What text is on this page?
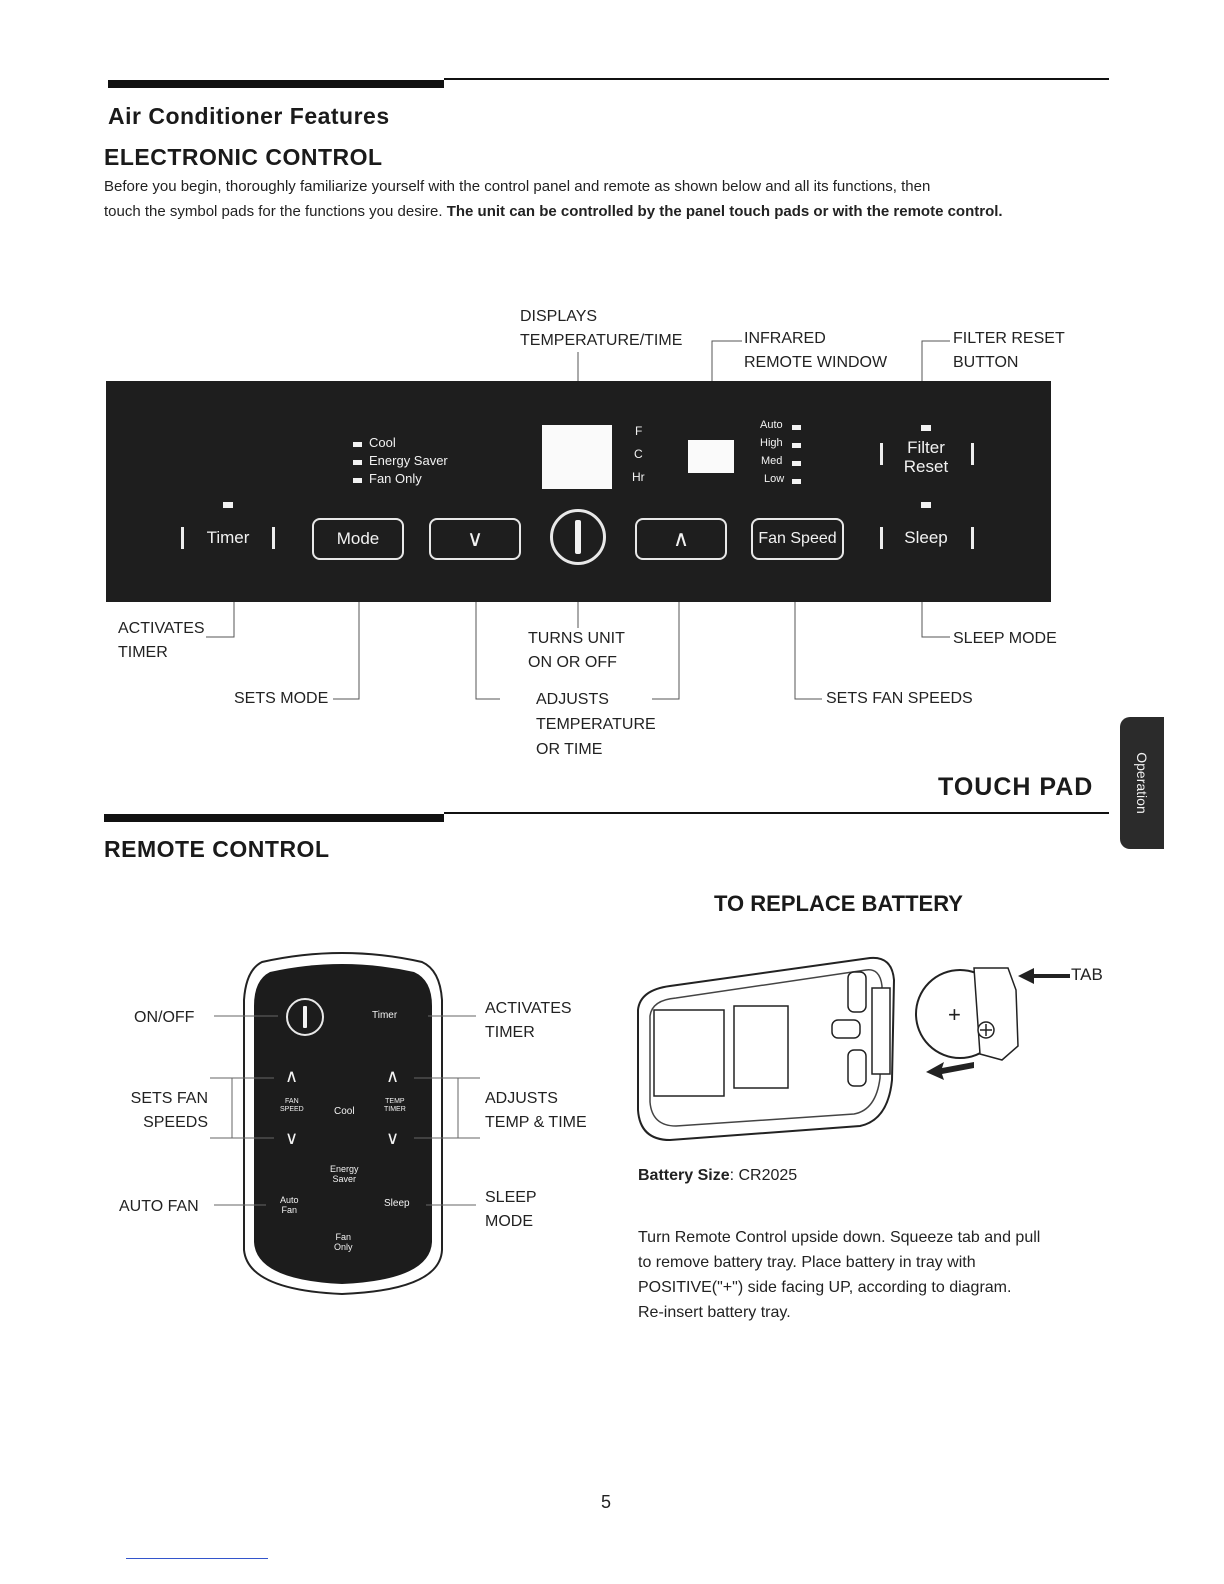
Air Conditioner Features
ELECTRONIC CONTROL
Before you begin, thoroughly familiarize yourself with the control panel and remote as shown below and all its functions, then
touch the symbol pads for the functions you desire. The unit can be controlled by the panel touch pads or with the remote control.
DISPLAYS
TEMPERATURE/TIME	INFRARED
REMOTE WINDOW
FILTER RESET
BUTTON
Cool
Energy Saver
Fan Only
F
C
Hr
Auto
High
Med
Low
Filter
Reset
Timer	Mode	∨	∧	Fan Speed	Sleep
ACTIVATES
TIMER
SETS MODE
TURNS UNIT
ON OR OFF
ADJUSTS
TEMPERATURE
OR TIME
SETS FAN SPEEDS
SLEEP MODE
TOUCH PAD	Operation
REMOTE CONTROL
ON/OFF
SETS FAN
SPEEDS
AUTO FAN
ACTIVATES
TIMER
ADJUSTS
TEMP & TIME
SLEEP
MODE
Timer
∧
FAN
SPEED
∨
Cool
∧
TEMP
TIMER
∨
Energy
Saver
Auto
Fan
Sleep
Fan
Only
TO REPLACE BATTERY
+
TAB
Battery Size: CR2025
Turn Remote Control upside down. Squeeze tab and pull
to remove battery tray. Place battery in tray with
POSITIVE("+") side facing UP, according to diagram.
Re-insert battery tray.
5
